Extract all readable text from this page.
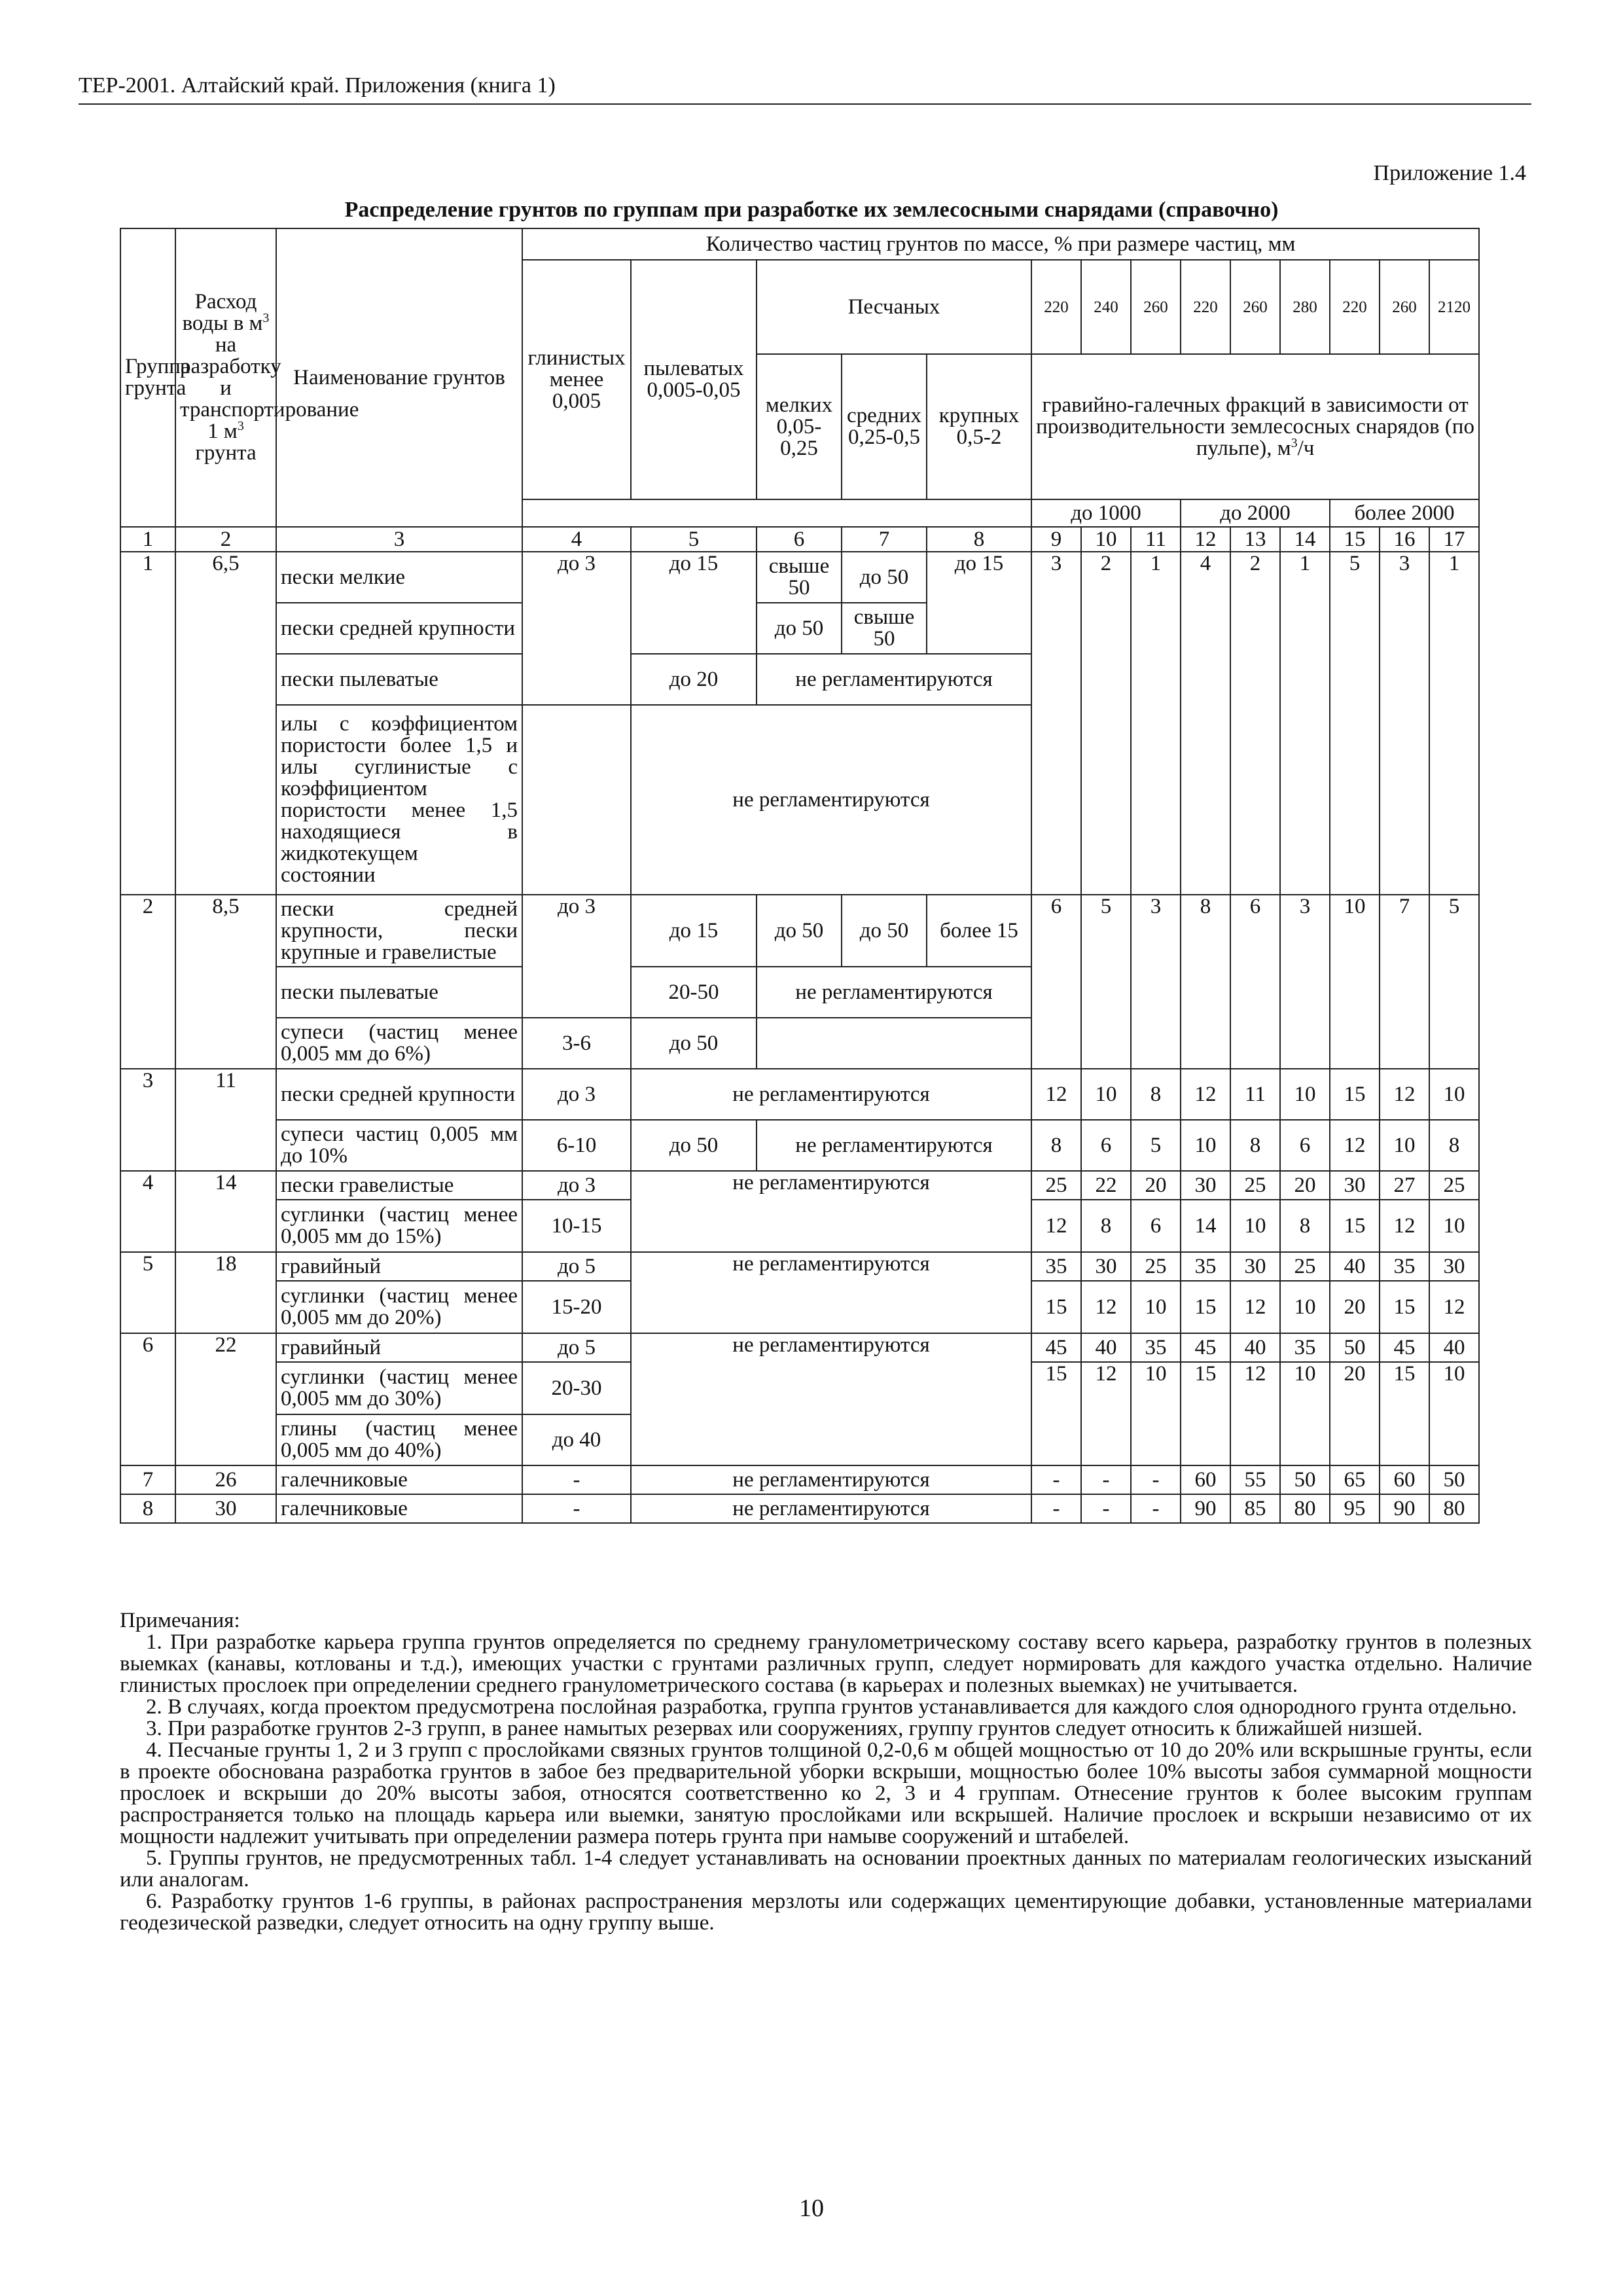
ТЕР-2001. Алтайский край. Приложения (книга 1)
Приложение 1.4
Распределение грунтов по группам при разработке их землесосными снарядами (справочно)
Группа грунта	Расход воды в $м^3$ на разработку и транспортирование 1 $м^3$ грунта	Наименование грунтов	Количество частиц грунтов по массе, % при размере частиц, мм													
			глинистых менее 0,005	пылеватых 0,005-0,05	Песчаных			220	240	260	220	260	280	220	260	2120
					мелких 0,05-0,25	средних 0,25-0,5	крупных 0,5-2	гравийно-галечных фракций в зависимости от производительности землесосных снарядов (по пульпе), $м^3/ч$								
								до 1000			до 2000			более 2000		
1	2	3	4	5	6	7	8	9	10	11	12	13	14	15	16	17
1	6,5	пески мелкие	до 3	до 15	свыше 50	до 50	до 15	3	2	1	4	2	1	5	3	1
		пески средней крупности			до 50	свыше 50										
		пески пылеватые		до 20	не регламентируются											
		илы с коэффициентом пористости более 1,5 и илы суглинистые с коэффициентом пористости менее 1,5 находящиеся в жидкотекущем состоянии		не регламентируются												
2	8,5	пески средней крупности, пески крупные и гравелистые	до 3	до 15	до 50	до 50	более 15	6	5	3	8	6	3	10	7	5
		пески пылеватые		20-50	не регламентируются											
		супеси (частиц менее 0,005 мм до 6%)	3-6	до 50												
3	11	пески средней крупности	до 3	не регламентируются				12	10	8	12	11	10	15	12	10
		супеси частиц 0,005 мм до 10%	6-10	до 50	не регламентируются			8	6	5	10	8	6	12	10	8
4	14	пески гравелистые	до 3	не регламентируются				25	22	20	30	25	20	30	27	25
		суглинки (частиц менее 0,005 мм до 15%)	10-15					12	8	6	14	10	8	15	12	10
5	18	гравийный	до 5	не регламентируются				35	30	25	35	30	25	40	35	30
		суглинки (частиц менее 0,005 мм до 20%)	15-20					15	12	10	15	12	10	20	15	12
6	22	гравийный	до 5	не регламентируются				45	40	35	45	40	35	50	45	40
		суглинки (частиц менее 0,005 мм до 30%)	20-30					15	12	10	15	12	10	20	15	10
		глины (частиц менее 0,005 мм до 40%)	до 40													
7	26	галечниковые	-	не регламентируются				-	-	-	60	55	50	65	60	50
8	30	галечниковые	-	не регламентируются				-	-	-	90	85	80	95	90	80

Примечания:

1. При разработке карьера группа грунтов определяется по среднему гранулометрическому составу всего карьера, разработку грунтов в полезных выемках (канавы, котлованы и т.д.), имеющих участки с грунтами различных групп, следует нормировать для каждого участка отдельно. Наличие глинистых прослоек при определении среднего гранулометрического состава (в карьерах и полезных выемках) не учитывается.

2. В случаях, когда проектом предусмотрена послойная разработка, группа грунтов устанавливается для каждого слоя однородного грунта отдельно.

3. При разработке грунтов 2-3 групп, в ранее намытых резервах или сооружениях, группу грунтов следует относить к ближайшей низшей.

4. Песчаные грунты 1, 2 и 3 групп с прослойками связных грунтов толщиной 0,2-0,6 м общей мощностью от 10 до 20% или вскрышные грунты, если в проекте обоснована разработка грунтов в забое без предварительной уборки вскрыши, мощностью более 10% высоты забоя суммарной мощности прослоек и вскрыши до 20% высоты забоя, относятся соответственно ко 2, 3 и 4 группам. Отнесение грунтов к более высоким группам распространяется только на площадь карьера или выемки, занятую прослойками или вскрышей. Наличие прослоек и вскрыши независимо от их мощности надлежит учитывать при определении размера потерь грунта при намыве сооружений и штабелей.

5. Группы грунтов, не предусмотренных табл. 1-4 следует устанавливать на основании проектных данных по материалам геологических изысканий или аналогам.

6. Разработку грунтов 1-6 группы, в районах распространения мерзлоты или содержащих цементирующие добавки, установленные материалами геодезической разведки, следует относить на одну группу выше.

10
